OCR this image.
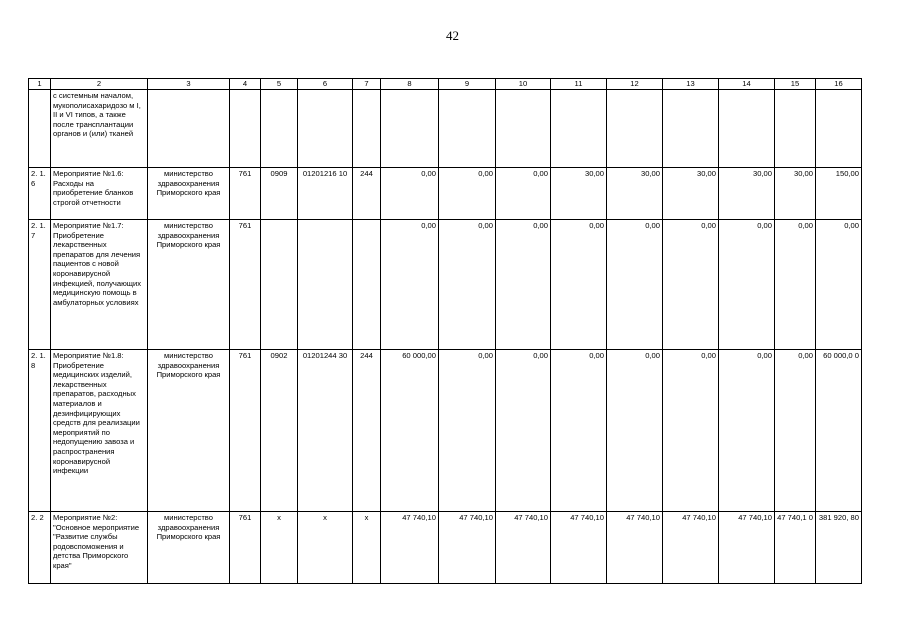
42
1	2	3	4	5	6	7	8	9	10	11	12	13	14	15	16
	с системным началом, мукополисахаридозо м I, II и VI типов, а также после трансплантации органов и (или) тканей														
2. 1. 6	Мероприятие №1.6: Расходы на приобретение бланков строгой отчетности	министерство здравоохранения Приморского края	761	0909	01201216 10	244	0,00	0,00	0,00	30,00	30,00	30,00	30,00	30,00	150,00
2. 1. 7	Мероприятие №1.7: Приобретение лекарственных препаратов для лечения пациентов с новой коронавирусной инфекцией, получающих медицинскую помощь в амбулаторных условиях	министерство здравоохранения Приморского края	761				0,00	0,00	0,00	0,00	0,00	0,00	0,00	0,00	0,00
2. 1. 8	Мероприятие №1.8: Приобретение медицинских изделий, лекарственных препаратов, расходных материалов и дезинфицирующих средств для реализации мероприятий по недопущению завоза и распространения коронавирусной инфекции	министерство здравоохранения Приморского края	761	0902	01201244 30	244	60 000,00	0,00	0,00	0,00	0,00	0,00	0,00	0,00	60 000,0 0
2. 2	Мероприятие №2: "Основное мероприятие "Развитие службы родовспоможения и детства Приморского края"	министерство здравоохранения Приморского края	761	x	x	x	47 740,10	47 740,10	47 740,10	47 740,10	47 740,10	47 740,10	47 740,10	47 740,1 0	381 920, 80
